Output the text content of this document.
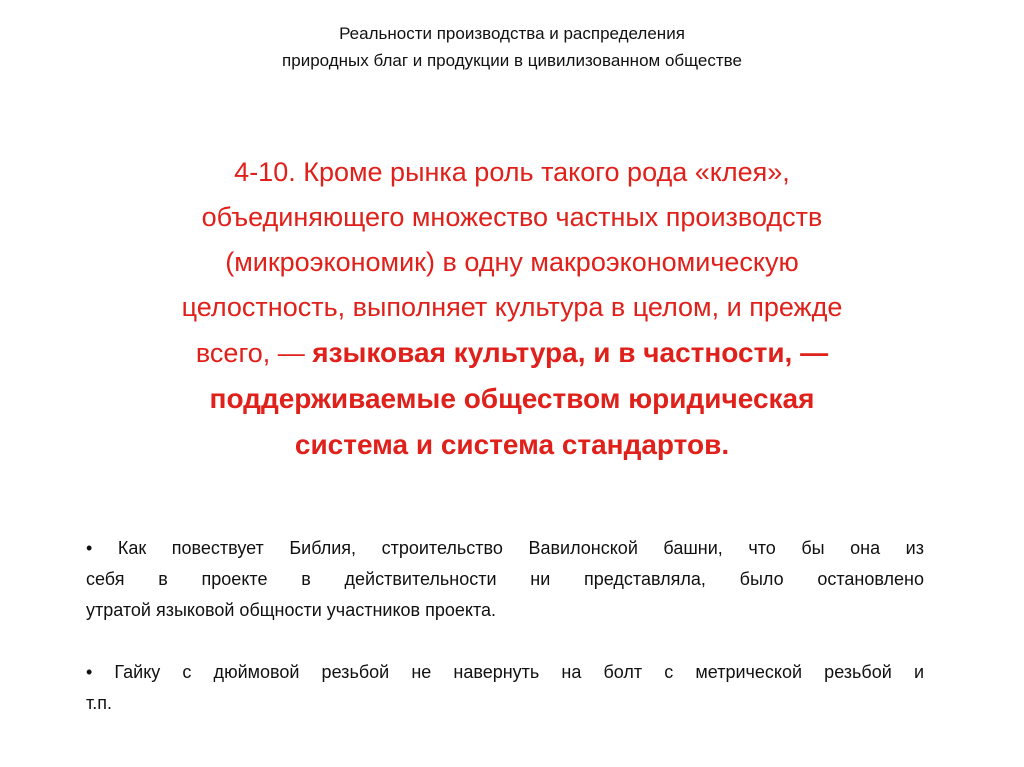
Реальности производства и распределения
природных благ и продукции в цивилизованном обществе
4-10. Кроме рынка роль такого рода «клея»,
объединяющего множество частных производств
(микроэкономик) в одну макроэкономическую
целостность, выполняет культура в целом, и прежде
всего, — языковая культура, и в частности, —
поддерживаемые обществом юридическая
система и система стандартов.
• Как повествует Библия, строительство Вавилонской башни, что бы она из
себя в проекте в действительности ни представляла, было остановлено
утратой языковой общности участников проекта.
• Гайку с дюймовой резьбой не навернуть на болт с метрической резьбой и
т.п.
